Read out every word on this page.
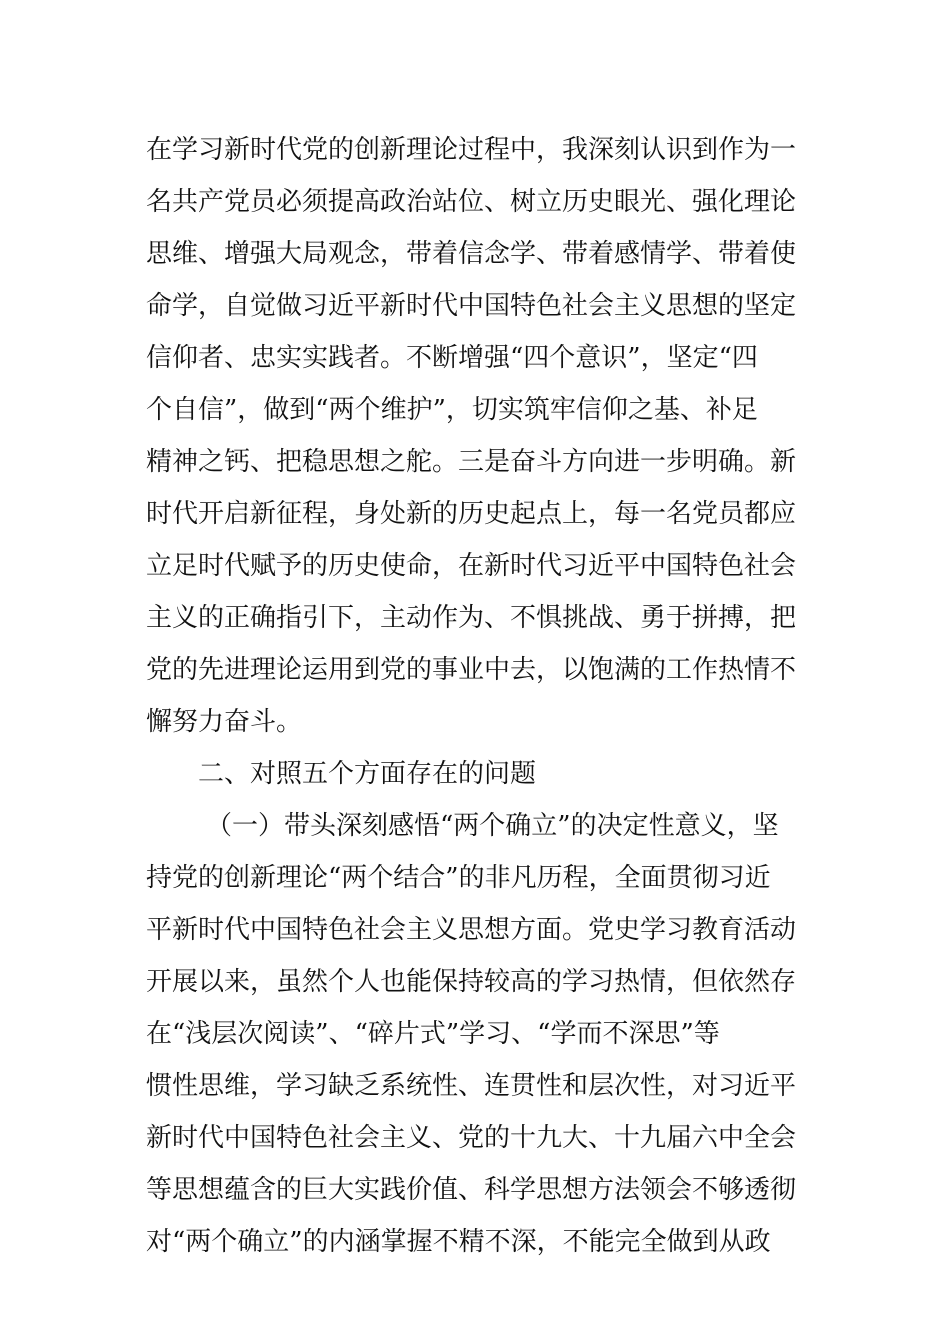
在学习新时代党的创新理论过程中，我深刻认识到作为一
名共产党员必须提高政治站位、树立历史眼光、强化理论
思维、增强大局观念，带着信念学、带着感情学、带着使
命学，自觉做习近平新时代中国特色社会主义思想的坚定
信仰者、忠实实践者。不断增强“四个意识”，坚定“四
个自信”，做到“两个维护”，切实筑牢信仰之基、补足
精神之钙、把稳思想之舵。三是奋斗方向进一步明确。新
时代开启新征程，身处新的历史起点上，每一名党员都应
立足时代赋予的历史使命，在新时代习近平中国特色社会
主义的正确指引下，主动作为、不惧挑战、勇于拼搏，把
党的先进理论运用到党的事业中去，以饱满的工作热情不
懈努力奋斗。
二、对照五个方面存在的问题
（一）带头深刻感悟“两个确立”的决定性意义，坚
持党的创新理论“两个结合”的非凡历程，全面贯彻习近
平新时代中国特色社会主义思想方面。党史学习教育活动
开展以来，虽然个人也能保持较高的学习热情，但依然存
在“浅层次阅读”、“碎片式”学习、“学而不深思”等
惯性思维，学习缺乏系统性、连贯性和层次性，对习近平
新时代中国特色社会主义、党的十九大、十九届六中全会
等思想蕴含的巨大实践价值、科学思想方法领会不够透彻
对“两个确立”的内涵掌握不精不深，不能完全做到从政
